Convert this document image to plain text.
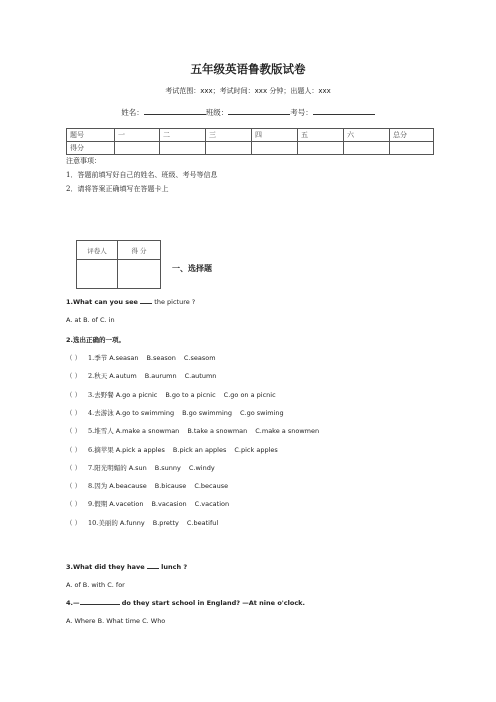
五年级英语鲁教版试卷
考试范围：xxx；考试时间：xxx 分钟；出题人：xxx
姓名：	班级：	考号：
题号	一	二	三	四	五	六	总分
得分							
注意事项：
1．答题前填写好自己的姓名、班级、考号等信息
2．请将答案正确填写在答题卡上
评卷人	得 分

一、选择题
1.What can you see  the picture ?
A. at B. of C. in
2.选出正确的一项。
（ ） 1.季节 A.seasan B.season C.seasom
（ ） 2.秋天 A.autum B.aurumn C.autumn
（ ） 3.去野餐 A.go a picnic B.go to a picnic C.go on a picnic
（ ） 4.去游泳 A.go to swimming B.go swimming C.go swiming
（ ） 5.堆雪人 A.make a snowman B.take a snowman C.make a snowmen
（ ） 6.摘苹果 A.pick a apples B.pick an apples C.pick apples
（ ） 7.阳光明媚的 A.sun B.sunny C.windy
（ ） 8.因为 A.beacause B.bicause C.because
（ ） 9.假期 A.vacetion B.vacasion C.vacation
（ ） 10.美丽的 A.funny B.pretty C.beatiful
3.What did they have  lunch ?
A. of B. with C. for
4.—	do they start school in England? —At nine o'clock.
A. Where B. What time C. Who
